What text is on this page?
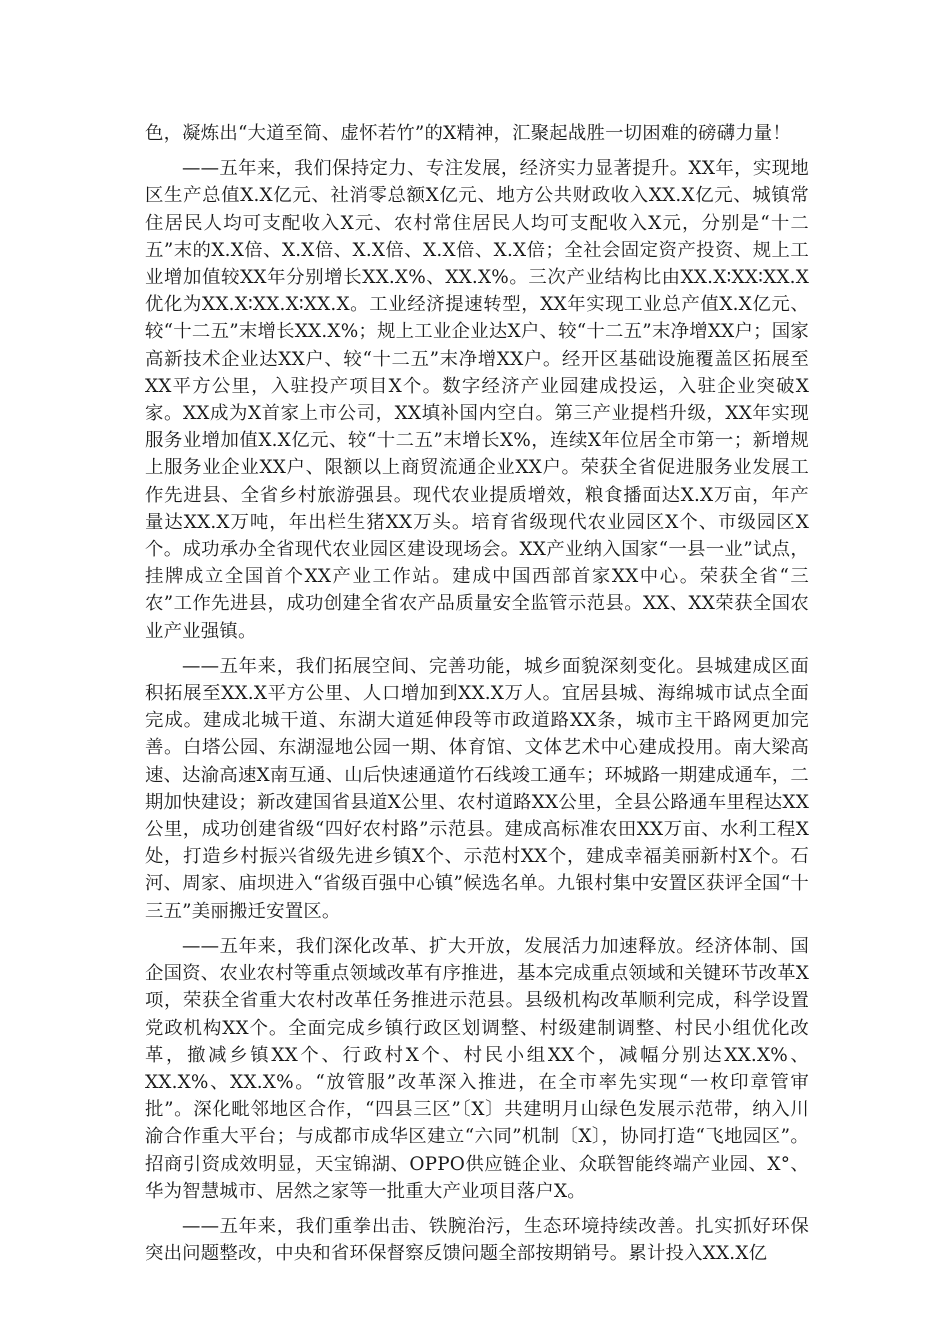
色，凝炼出“大道至简、虚怀若竹”的X精神，汇聚起战胜一切困难的磅礴力量！

——五年来，我们保持定力、专注发展，经济实力显著提升。XX年，实现地区生产总值X.X亿元、社消零总额X亿元、地方公共财政收入XX.X亿元、城镇常住居民人均可支配收入X元、农村常住居民人均可支配收入X元，分别是“十二五”末的X.X倍、X.X倍、X.X倍、X.X倍、X.X倍；全社会固定资产投资、规上工业增加值较XX年分别增长XX.X%、XX.X%。三次产业结构比由XX.X∶XX∶XX.X优化为XX.X∶XX.X∶XX.X。工业经济提速转型，XX年实现工业总产值X.X亿元、较“十二五”末增长XX.X%；规上工业企业达X户、较“十二五”末净增XX户；国家高新技术企业达XX户、较“十二五”末净增XX户。经开区基础设施覆盖区拓展至XX平方公里，入驻投产项目X个。数字经济产业园建成投运，入驻企业突破X家。XX成为X首家上市公司，XX填补国内空白。第三产业提档升级，XX年实现服务业增加值X.X亿元、较“十二五”末增长X%，连续X年位居全市第一；新增规上服务业企业XX户、限额以上商贸流通企业XX户。荣获全省促进服务业发展工作先进县、全省乡村旅游强县。现代农业提质增效，粮食播面达X.X万亩，年产量达XX.X万吨，年出栏生猪XX万头。培育省级现代农业园区X个、市级园区X个。成功承办全省现代农业园区建设现场会。XX产业纳入国家“一县一业”试点，挂牌成立全国首个XX产业工作站。建成中国西部首家XX中心。荣获全省“三农”工作先进县，成功创建全省农产品质量安全监管示范县。XX、XX荣获全国农业产业强镇。

——五年来，我们拓展空间、完善功能，城乡面貌深刻变化。县城建成区面积拓展至XX.X平方公里、人口增加到XX.X万人。宜居县城、海绵城市试点全面完成。建成北城干道、东湖大道延伸段等市政道路XX条，城市主干路网更加完善。白塔公园、东湖湿地公园一期、体育馆、文体艺术中心建成投用。南大梁高速、达渝高速X南互通、山后快速通道竹石线竣工通车；环城路一期建成通车，二期加快建设；新改建国省县道X公里、农村道路XX公里，全县公路通车里程达XX公里，成功创建省级“四好农村路”示范县。建成高标准农田XX万亩、水利工程X处，打造乡村振兴省级先进乡镇X个、示范村XX个，建成幸福美丽新村X个。石河、周家、庙坝进入“省级百强中心镇”候选名单。九银村集中安置区获评全国“十三五”美丽搬迁安置区。

——五年来，我们深化改革、扩大开放，发展活力加速释放。经济体制、国企国资、农业农村等重点领域改革有序推进，基本完成重点领域和关键环节改革X项，荣获全省重大农村改革任务推进示范县。县级机构改革顺利完成，科学设置党政机构XX个。全面完成乡镇行政区划调整、村级建制调整、村民小组优化改革，撤减乡镇XX个、行政村X个、村民小组XX个，减幅分别达XX.X%、XX.X%、XX.X%。“放管服”改革深入推进，在全市率先实现“一枚印章管审批”。深化毗邻地区合作，“四县三区”〔X〕共建明月山绿色发展示范带，纳入川渝合作重大平台；与成都市成华区建立“六同”机制〔X〕，协同打造“飞地园区”。招商引资成效明显，天宝锦湖、OPPO供应链企业、众联智能终端产业园、X°、华为智慧城市、居然之家等一批重大产业项目落户X。

——五年来，我们重拳出击、铁腕治污，生态环境持续改善。扎实抓好环保突出问题整改，中央和省环保督察反馈问题全部按期销号。累计投入XX.X亿
